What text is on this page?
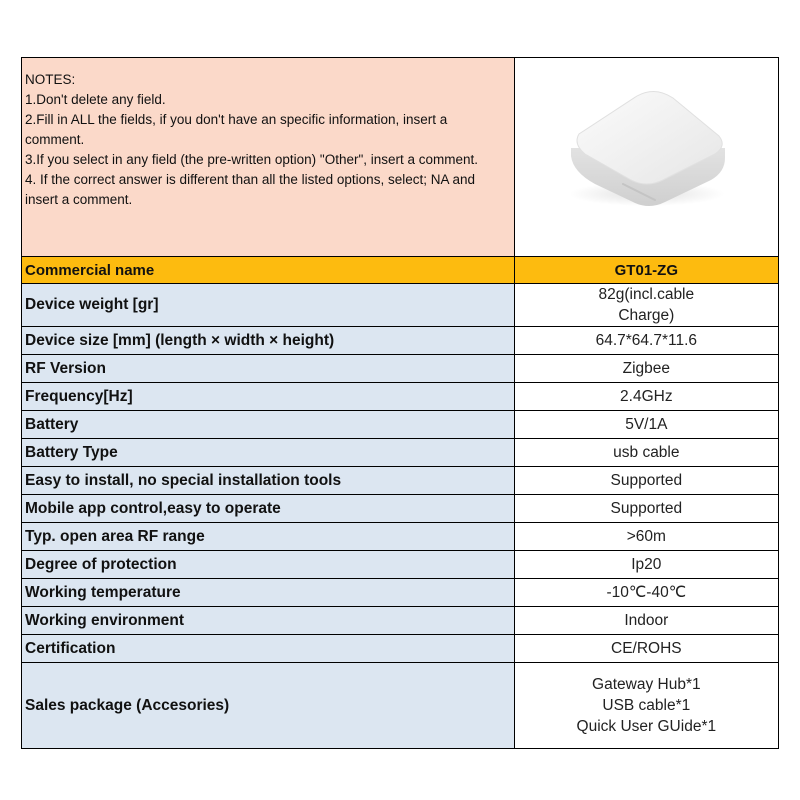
NOTES:
1.Don't delete any field.
2.Fill in ALL the fields, if you don't have an specific information, insert a comment.
3.If you select in any field (the pre-written option) "Other", insert a comment.
4. If the correct answer is different than all the listed options, select; NA and insert a comment.

Commercial name	GT01-ZG
Device weight [gr]	82g(incl.cable
Charge)

Device size [mm] (length × width × height)	64.7*64.7*11.6
RF Version	Zigbee
Frequency[Hz]	2.4GHz
Battery	5V/1A
Battery Type	usb cable
Easy to install, no special installation tools	Supported
Mobile app control,easy to operate	Supported
Typ. open area RF range	>60m
Degree of protection	Ip20
Working temperature	-10℃-40℃
Working environment	Indoor
Certification	CE/ROHS
Sales package (Accesories)	Gateway Hub*1
USB cable*1
Quick User GUide*1
